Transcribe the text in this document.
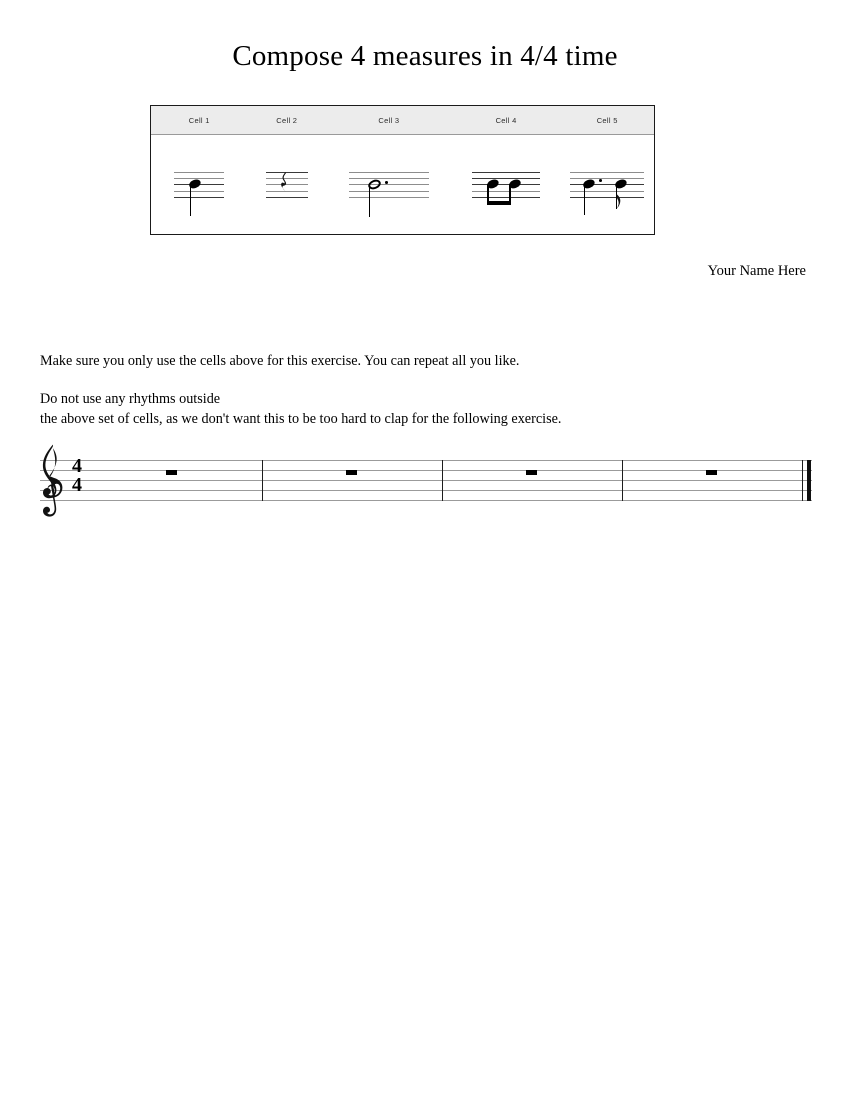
Compose 4 measures in 4/4 time
Cell 1	Cell 2	Cell 3	Cell 4	Cell 5
Your Name Here
Make sure you only use the cells above for this exercise. You can repeat all you like.
Do not use any rhythms outside
the above set of cells, as we don't want this to be too hard to clap for the following exercise.
4
4
